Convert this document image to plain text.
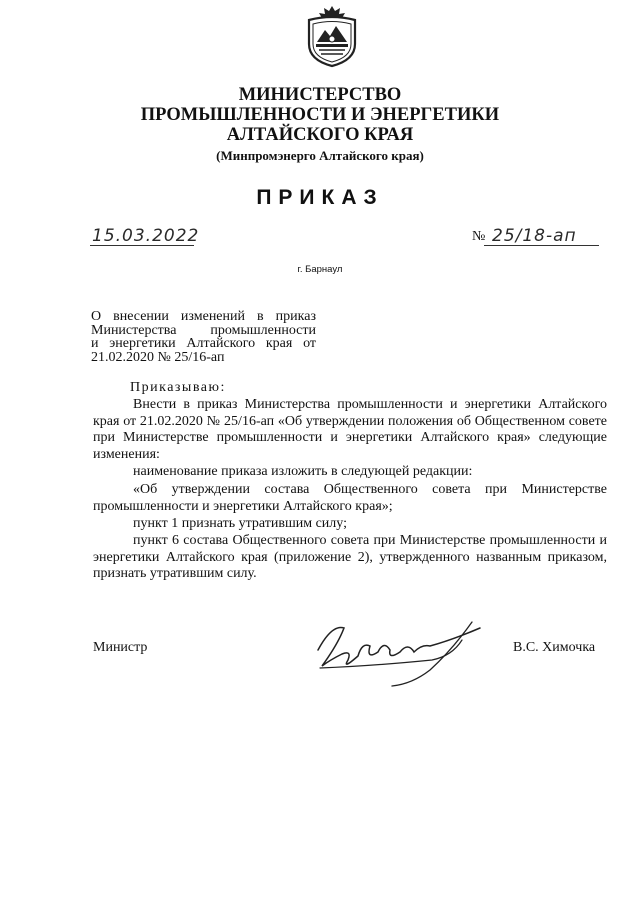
МИНИСТЕРСТВО
ПРОМЫШЛЕННОСТИ И ЭНЕРГЕТИКИ
АЛТАЙСКОГО КРАЯ
(Минпромэнерго Алтайского края)
ПРИКАЗ
15.03.2022	№ 25/18-ап
г. Барнаул
О внесении изменений в приказ
Министерства промышленности
и энергетики Алтайского края от
21.02.2020 № 25/16-ап
Приказываю:
Внести в приказ Министерства промышленности и энергетики Алтайского края от 21.02.2020 № 25/16-ап «Об утверждении положения об Общественном совете при Министерстве промышленности и энергетики Алтайского края» следующие изменения:
наименование приказа изложить в следующей редакции:
«Об утверждении состава Общественного совета при Министерстве промышленности и энергетики Алтайского края»;
пункт 1 признать утратившим силу;
пункт 6 состава Общественного совета при Министерстве промышленности и энергетики Алтайского края (приложение 2), утвержденного названным приказом, признать утратившим силу.
Министр	В.С. Химочка
